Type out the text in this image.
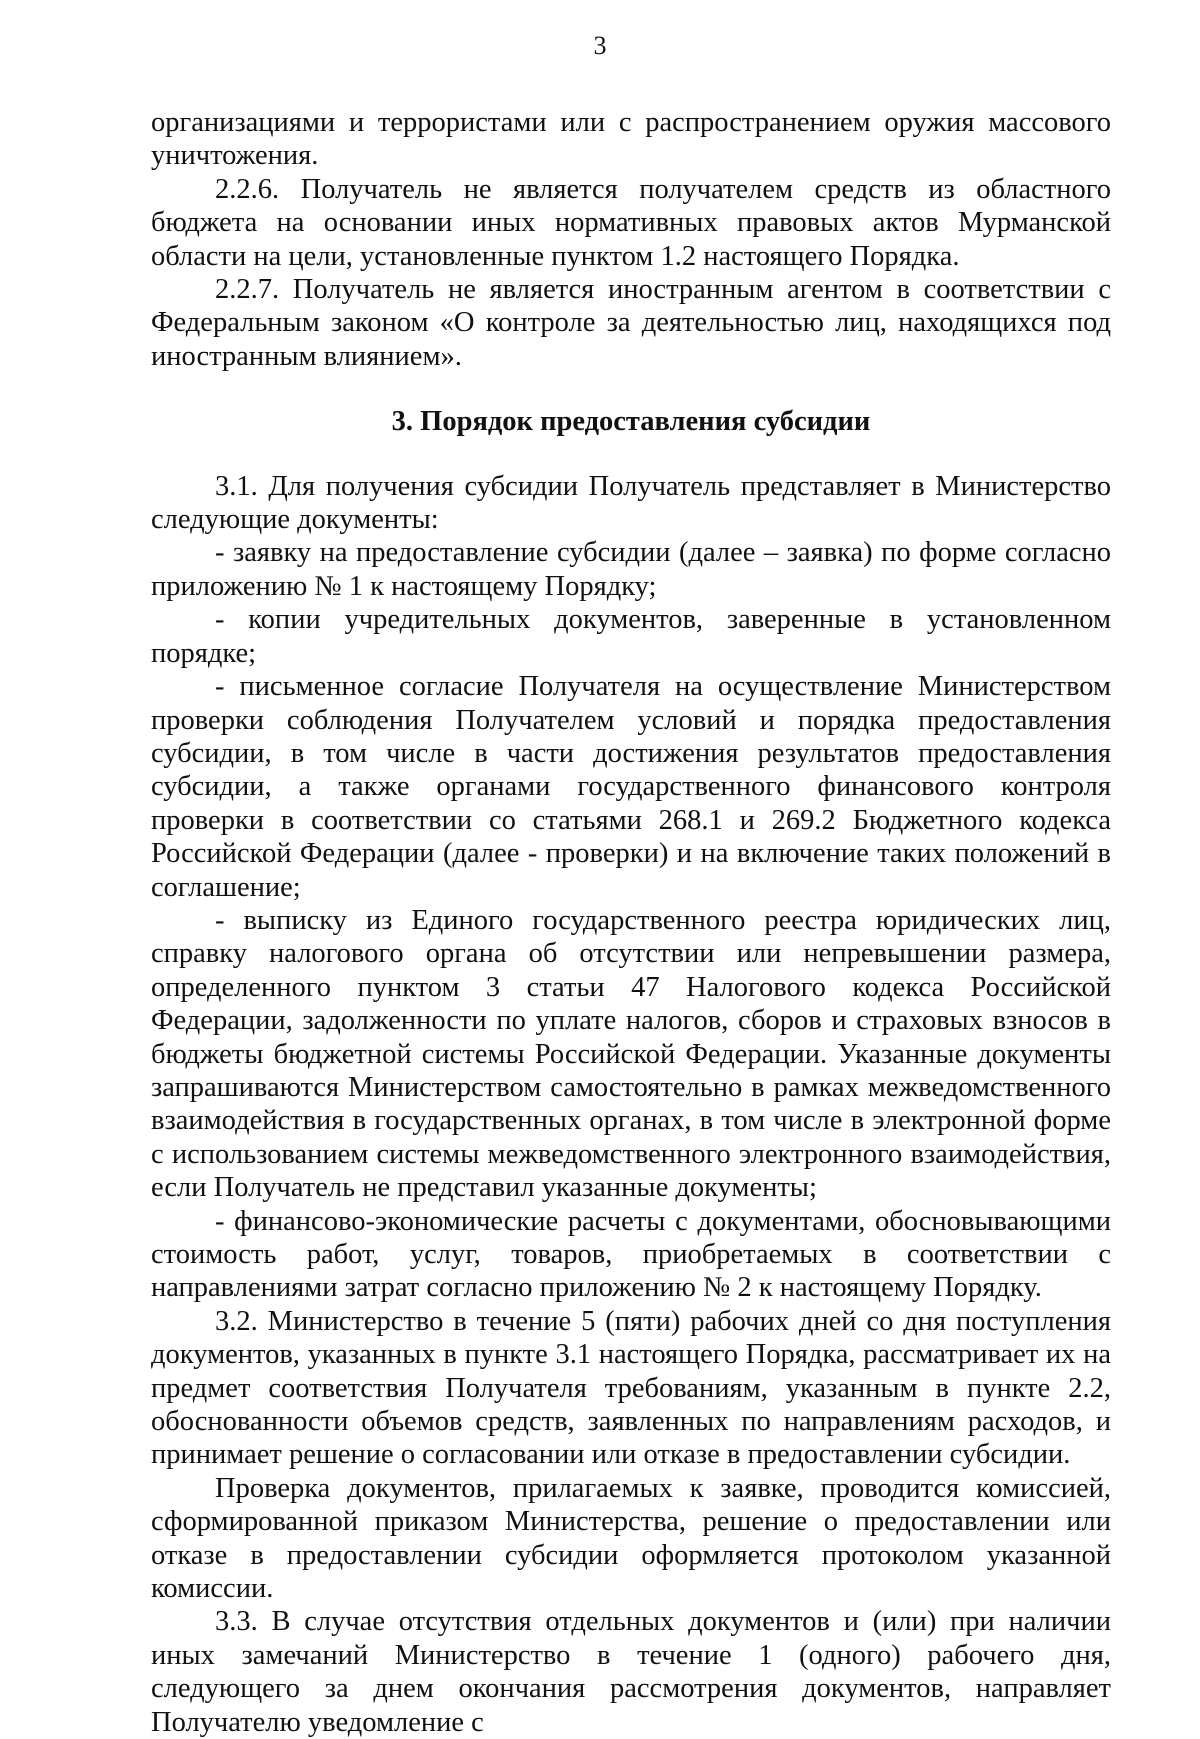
3

организациями и террористами или с распространением оружия массового уничтожения.

2.2.6. Получатель не является получателем средств из областного бюджета на основании иных нормативных правовых актов Мурманской области на цели, установленные пунктом 1.2 настоящего Порядка.

2.2.7. Получатель не является иностранным агентом в соответствии с Федеральным законом «О контроле за деятельностью лиц, находящихся под иностранным влиянием».

3. Порядок предоставления субсидии

3.1. Для получения субсидии Получатель представляет в Министерство следующие документы:

- заявку на предоставление субсидии (далее – заявка) по форме согласно приложению № 1 к настоящему Порядку;

- копии учредительных документов, заверенные в установленном порядке;

- письменное согласие Получателя на осуществление Министерством проверки соблюдения Получателем условий и порядка предоставления субсидии, в том числе в части достижения результатов предоставления субсидии, а также органами государственного финансового контроля проверки в соответствии со статьями 268.1 и 269.2 Бюджетного кодекса Российской Федерации (далее - проверки) и на включение таких положений в соглашение;

- выписку из Единого государственного реестра юридических лиц, справку налогового органа об отсутствии или непревышении размера, определенного пунктом 3 статьи 47 Налогового кодекса Российской Федерации, задолженности по уплате налогов, сборов и страховых взносов в бюджеты бюджетной системы Российской Федерации. Указанные документы запрашиваются Министерством самостоятельно в рамках межведомственного взаимодействия в государственных органах, в том числе в электронной форме с использованием системы межведомственного электронного взаимодействия, если Получатель не представил указанные документы;

- финансово-экономические расчеты с документами, обосновывающими стоимость работ, услуг, товаров, приобретаемых в соответствии с направлениями затрат согласно приложению № 2 к настоящему Порядку.

3.2. Министерство в течение 5 (пяти) рабочих дней со дня поступления документов, указанных в пункте 3.1 настоящего Порядка, рассматривает их на предмет соответствия Получателя требованиям, указанным в пункте 2.2, обоснованности объемов средств, заявленных по направлениям расходов, и принимает решение о согласовании или отказе в предоставлении субсидии.

Проверка документов, прилагаемых к заявке, проводится комиссией, сформированной приказом Министерства, решение о предоставлении или отказе в предоставлении субсидии оформляется протоколом указанной комиссии.

3.3. В случае отсутствия отдельных документов и (или) при наличии иных замечаний Министерство в течение 1 (одного) рабочего дня, следующего за днем окончания рассмотрения документов, направляет Получателю уведомление с
